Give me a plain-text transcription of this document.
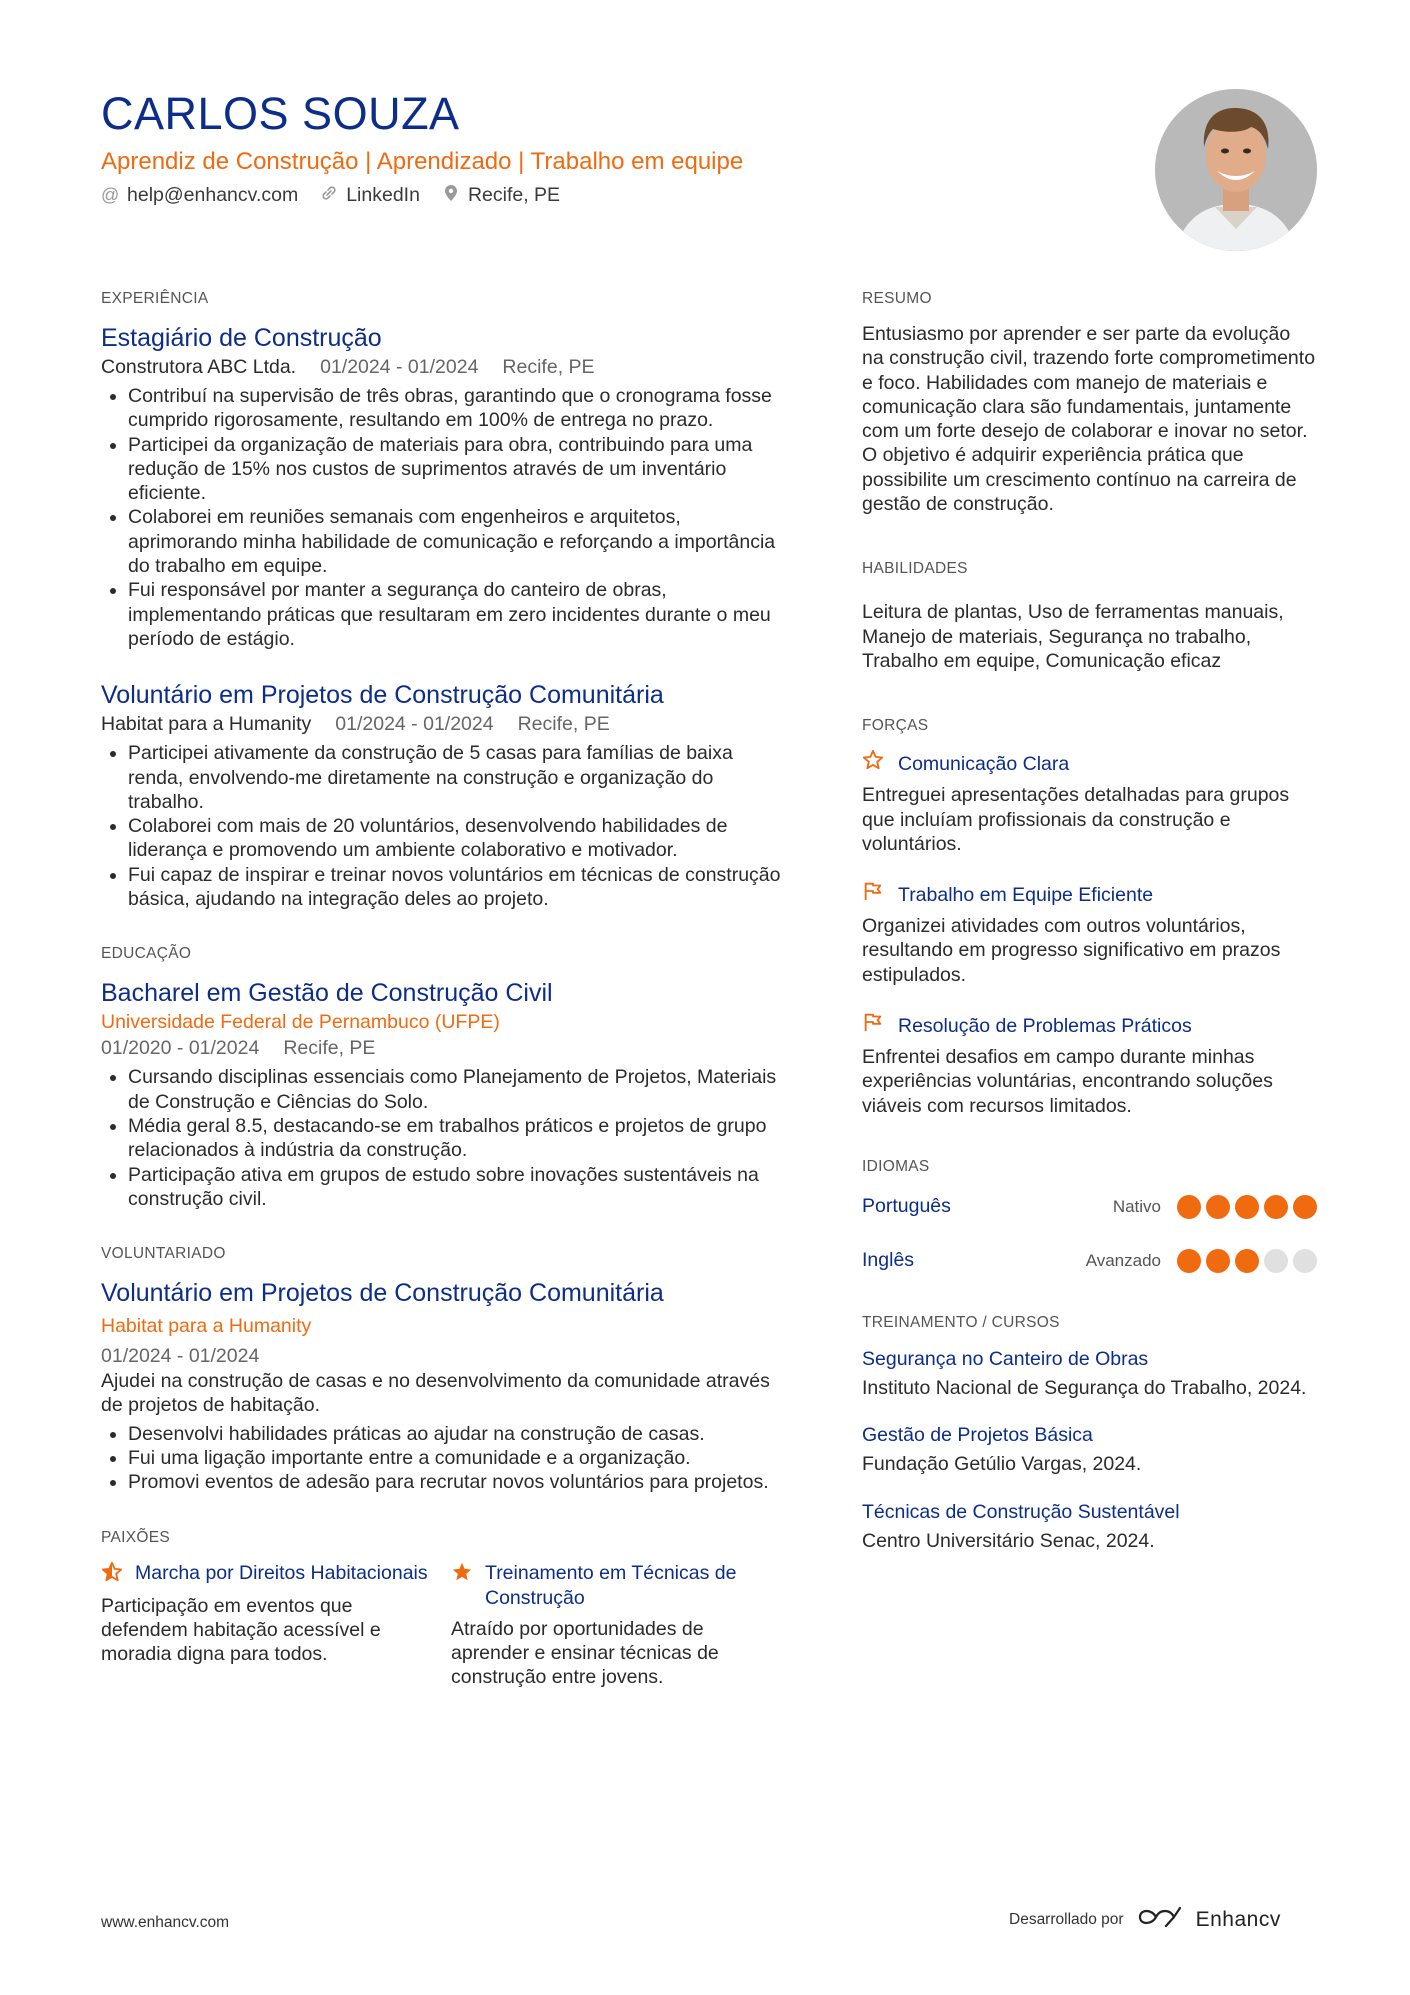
CARLOS SOUZA
Aprendiz de Construção | Aprendizado | Trabalho em equipe
@ help@enhancv.com LinkedIn Recife, PE
EXPERIÊNCIA
Estagiário de Construção
Construtora ABC Ltda. 01/2024 - 01/2024 Recife, PE
• Contribuí na supervisão de três obras, garantindo que o cronograma fosse cumprido rigorosamente, resultando em 100% de entrega no prazo.
• Participei da organização de materiais para obra, contribuindo para uma redução de 15% nos custos de suprimentos através de um inventário eficiente.
• Colaborei em reuniões semanais com engenheiros e arquitetos, aprimorando minha habilidade de comunicação e reforçando a importância do trabalho em equipe.
• Fui responsável por manter a segurança do canteiro de obras, implementando práticas que resultaram em zero incidentes durante o meu período de estágio.
Voluntário em Projetos de Construção Comunitária
Habitat para a Humanity 01/2024 - 01/2024 Recife, PE
• Participei ativamente da construção de 5 casas para famílias de baixa renda, envolvendo-me diretamente na construção e organização do trabalho.
• Colaborei com mais de 20 voluntários, desenvolvendo habilidades de liderança e promovendo um ambiente colaborativo e motivador.
• Fui capaz de inspirar e treinar novos voluntários em técnicas de construção básica, ajudando na integração deles ao projeto.
EDUCAÇÃO
Bacharel em Gestão de Construção Civil
Universidade Federal de Pernambuco (UFPE)
01/2020 - 01/2024 Recife, PE
• Cursando disciplinas essenciais como Planejamento de Projetos, Materiais de Construção e Ciências do Solo.
• Média geral 8.5, destacando-se em trabalhos práticos e projetos de grupo relacionados à indústria da construção.
• Participação ativa em grupos de estudo sobre inovações sustentáveis na construção civil.
VOLUNTARIADO
Voluntário em Projetos de Construção Comunitária
Habitat para a Humanity
01/2024 - 01/2024

Ajudei na construção de casas e no desenvolvimento da comunidade através de projetos de habitação.

• Desenvolvi habilidades práticas ao ajudar na construção de casas.
• Fui uma ligação importante entre a comunidade e a organização.
• Promovi eventos de adesão para recrutar novos voluntários para projetos.
PAIXÕES
Marcha por Direitos Habitacionais

Participação em eventos que defendem habitação acessível e moradia digna para todos.

Treinamento em Técnicas de Construção

Atraído por oportunidades de aprender e ensinar técnicas de construção entre jovens.

RESUMO

Entusiasmo por aprender e ser parte da evolução na construção civil, trazendo forte comprometimento e foco. Habilidades com manejo de materiais e comunicação clara são fundamentais, juntamente com um forte desejo de colaborar e inovar no setor. O objetivo é adquirir experiência prática que possibilite um crescimento contínuo na carreira de gestão de construção.

HABILIDADES

Leitura de plantas, Uso de ferramentas manuais, Manejo de materiais, Segurança no trabalho, Trabalho em equipe, Comunicação eficaz

FORÇAS
Comunicação Clara

Entreguei apresentações detalhadas para grupos que incluíam profissionais da construção e voluntários.

Trabalho em Equipe Eficiente

Organizei atividades com outros voluntários, resultando em progresso significativo em prazos estipulados.

Resolução de Problemas Práticos

Enfrentei desafios em campo durante minhas experiências voluntárias, encontrando soluções viáveis com recursos limitados.

IDIOMAS
Português	Nativo
Inglês	Avanzado
TREINAMENTO / CURSOS
Segurança no Canteiro de Obras

Instituto Nacional de Segurança do Trabalho, 2024.

Gestão de Projetos Básica

Fundação Getúlio Vargas, 2024.

Técnicas de Construção Sustentável

Centro Universitário Senac, 2024.

www.enhancv.com	Desarrollado por	Enhancv
